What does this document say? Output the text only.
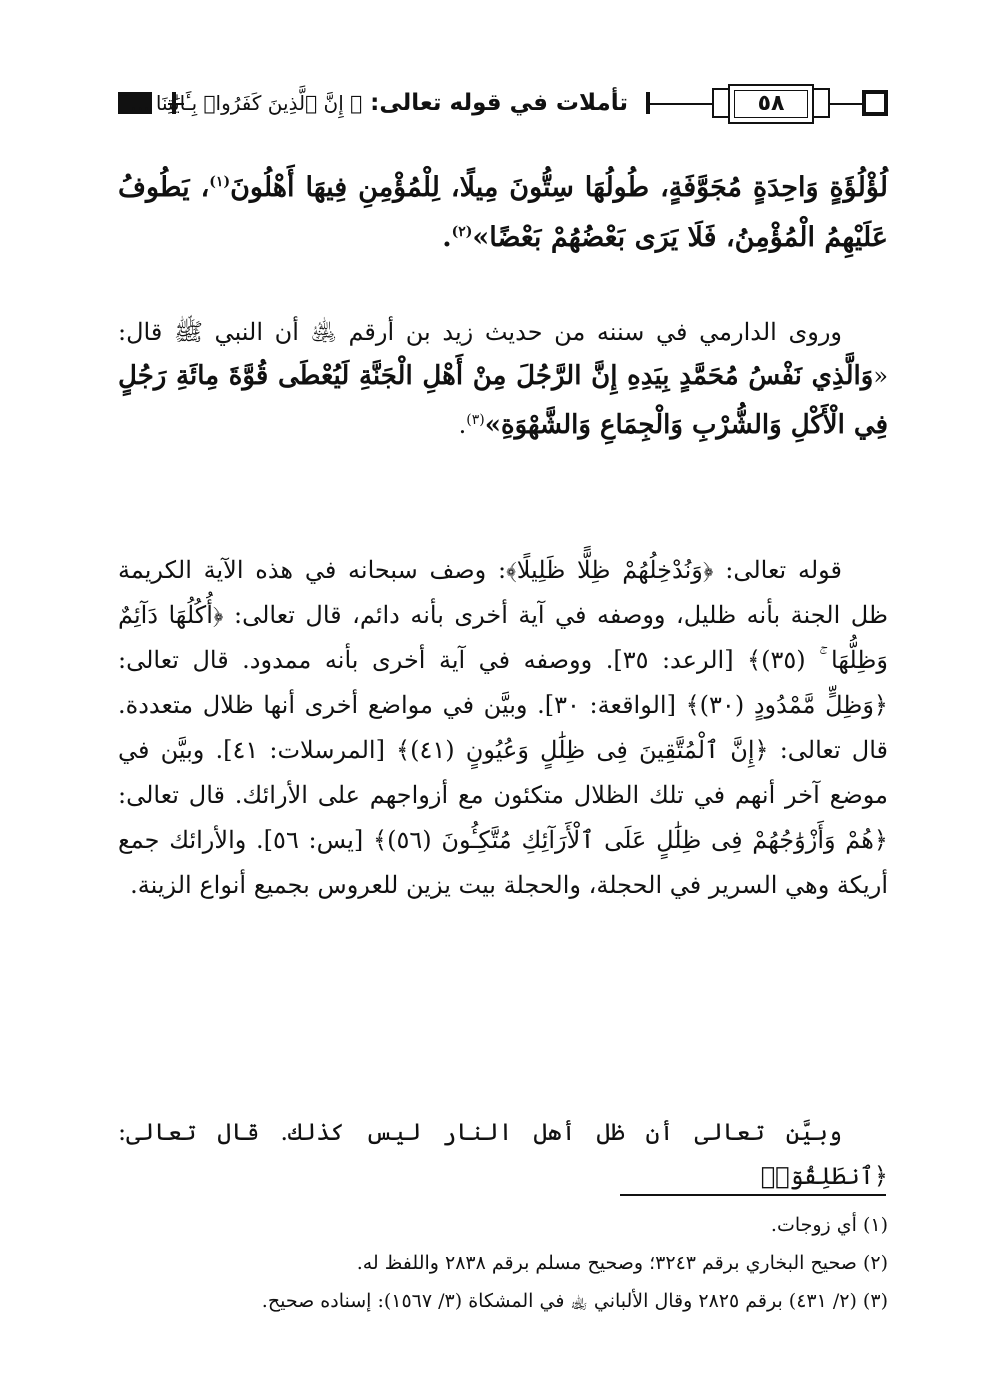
تأملات في قوله تعالى: ﴿ إِنَّ ٱلَّذِينَ كَفَرُوا۟ بِـَٔايَٰتِنَا ...﴾	٥٨
لُؤْلُؤَةٍ وَاحِدَةٍ مُجَوَّفَةٍ، طُولُهَا سِتُّونَ مِيلًا، لِلْمُؤْمِنِ فِيهَا أَهْلُونَ$^{(١)}$، يَطُوفُ عَلَيْهِمُ الْمُؤْمِنُ، فَلَا يَرَى بَعْضُهُمْ بَعْضًا»$^{(٢)}$.
وروى الدارمي في سننه من حديث زيد بن أرقم ﵁ أن النبي ﷺ قال: «وَالَّذِي نَفْسُ مُحَمَّدٍ بِيَدِهِ إِنَّ الرَّجُلَ مِنْ أَهْلِ الْجَنَّةِ لَيُعْطَى قُوَّةَ مِائَةِ رَجُلٍ فِي الْأَكْلِ وَالشُّرْبِ وَالْجِمَاعِ وَالشَّهْوَةِ»$^{(٣)}$.
قوله تعالى: ﴿وَنُدْخِلُهُمْ ظِلًّا ظَلِيلًا﴾: وصف سبحانه في هذه الآية الكريمة ظل الجنة بأنه ظليل، ووصفه في آية أخرى بأنه دائم، قال تعالى: ﴿أُكُلُهَا دَآئِمٌ وَظِلُّهَا ۚ (٣٥)﴾ [الرعد: ٣٥]. ووصفه في آية أخرى بأنه ممدود. قال تعالى: ﴿وَظِلٍّ مَّمْدُودٍ (٣٠)﴾ [الواقعة: ٣٠]. وبيَّن في مواضع أخرى أنها ظلال متعددة. قال تعالى: ﴿إِنَّ ٱلْمُتَّقِينَ فِى ظِلَٰلٍ وَعُيُونٍ (٤١)﴾ [المرسلات: ٤١]. وبيَّن في موضع آخر أنهم في تلك الظلال متكئون مع أزواجهم على الأرائك. قال تعالى: ﴿هُمْ وَأَزْوَٰجُهُمْ فِى ظِلَٰلٍ عَلَى ٱلْأَرَآئِكِ مُتَّكِـُٔونَ (٥٦)﴾ [يس: ٥٦]. والأرائك جمع أريكة وهي السرير في الحجلة، والحجلة بيت يزين للعروس بجميع أنواع الزينة.
وبيَّن تعالى أن ظل أهل النار ليس كذلك. قال تعالى: ﴿ٱنطَلِقُوٓا۟
(١) أي زوجات.
(٢) صحيح البخاري برقم ٣٢٤٣؛ وصحيح مسلم برقم ٢٨٣٨ واللفظ له.
(٣) (٢/ ٤٣١) برقم ٢٨٢٥ وقال الألباني ﵀ في المشكاة (٣/ ١٥٦٧): إسناده صحيح.
